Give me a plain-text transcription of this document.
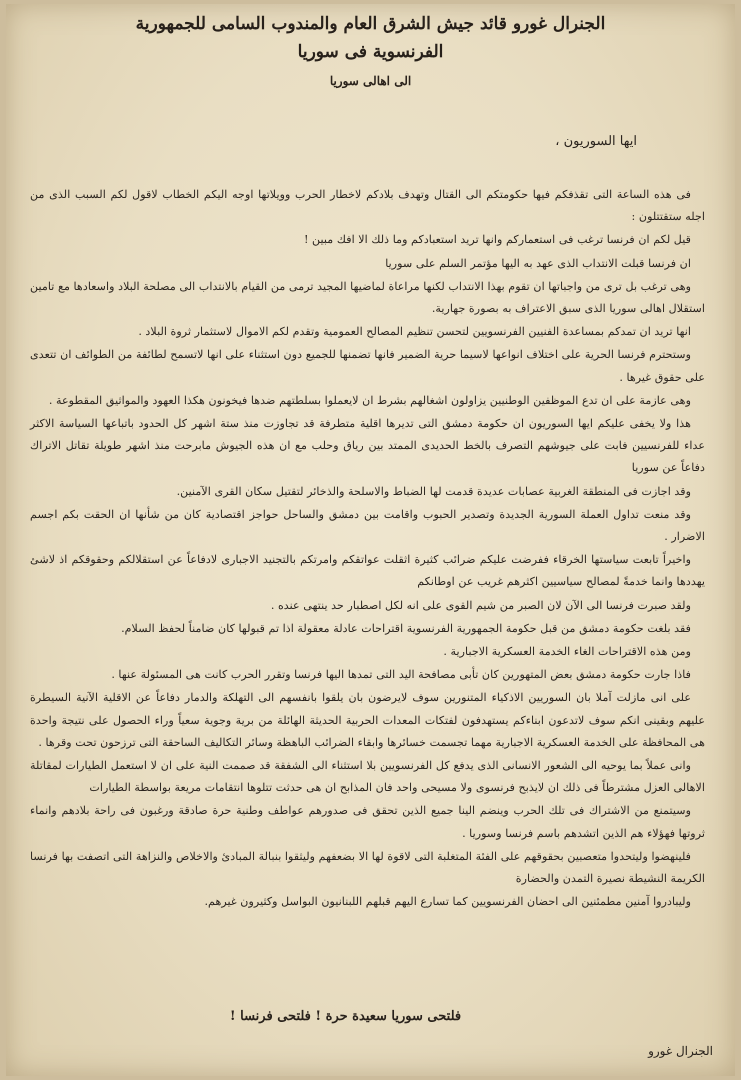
الجنرال غورو قائد جيش الشرق العام والمندوب السامى للجمهورية
الفرنسوية فى سوريا
الى اهالى سوريا
ايها السوريون ،

فى هذه الساعة التى تقذفكم فيها حكومتكم الى القتال وتهدف بلادكم لاخطار الحرب وويلاتها اوجه اليكم الخطاب لاقول لكم السبب الذى من اجله ستقتتلون :

قيل لكم ان فرنسا ترغب فى استعماركم وانها تريد استعبادكم وما ذلك الا افك مبين !

ان فرنسا قبلت الانتداب الذى عهد به اليها مؤتمر السلم على سوريا

وهى ترغب بل ترى من واجباتها ان تقوم بهذا الانتداب لكنها مراعاة لماضيها المجيد ترمى من القيام بالانتداب الى مصلحة البلاد واسعادها مع تامين استقلال اهالى سوريا الذى سبق الاعتراف به بصورة جهارية.

انها تريد ان تمدكم بمساعدة الفنيين الفرنسويين لتحسن تنظيم المصالح العمومية وتقدم لكم الاموال لاستثمار ثروة البلاد .

وستحترم فرنسا الحرية على اختلاف انواعها لاسيما حرية الضمير فانها تضمنها للجميع دون استثناء على انها لاتسمح لطائفة من الطوائف ان تتعدى على حقوق غيرها .

وهى عازمة على ان تدع الموظفين الوطنيين يزاولون اشغالهم بشرط ان لايعملوا بسلطتهم ضدها فيخونون هكذا العهود والمواثيق المقطوعة .

هذا ولا يخفى عليكم ايها السوريون ان حكومة دمشق التى تديرها اقلية متطرفة قد تجاوزت منذ ستة اشهر كل الحدود باتباعها السياسة الاكثر عداء للفرنسيين فابت على جيوشهم التصرف بالخط الحديدى الممتد بين رياق وحلب مع ان هذه الجيوش مابرحت منذ اشهر طويلة تقاتل الاتراك دفاعاً عن سوريا

وقد اجازت فى المنطقة الغربية عصابات عديدة قدمت لها الضباط والاسلحة والذخائر لتقتيل سكان القرى الآمنين.

وقد منعت تداول العملة السورية الجديدة وتصدير الحبوب واقامت بين دمشق والساحل حواجز اقتصادية كان من شأنها ان الحقت بكم اجسم الاضرار .

واخيراً تابعت سياستها الخرقاء ففرضت عليكم ضرائب كثيرة اثقلت عواتقكم وامرتكم بالتجنيد الاجبارى لادفاعاً عن استقلالكم وحقوقكم اذ لاشئ يهددها وانما خدمةً لمصالح سياسيين اكثرهم غريب عن اوطانكم

ولقد صبرت فرنسا الى الآن لان الصبر من شيم القوى على انه لكل اصطبار حد ينتهى عنده .

فقد بلغت حكومة دمشق من قبل حكومة الجمهورية الفرنسوية اقتراحات عادلة معقولة اذا تم قبولها كان ضامناً لحفظ السلام.

ومن هذه الاقتراحات الغاء الخدمة العسكرية الاجبارية .

فاذا جارت حكومة دمشق بعض المتهورين كان تأبى مصافحة اليد التى تمدها اليها فرنسا وتقرر الحرب كانت هى المسئولة عنها .

على انى مازلت آملا بان السوريين الاذكياء المتنورين سوف لايرضون بان يلقوا بانفسهم الى التهلكة والدمار دفاعاً عن الاقلية الآنية السيطرة عليهم وبقينى انكم سوف لاتدعون ابناءكم يستهدفون لفتكات المعدات الحربية الحديثة الهائلة من برية وجوية سعياً وراء الحصول على نتيجة واحدة هى المحافظة على الخدمة العسكرية الاجبارية مهما تجسمت خسائرها وابقاء الضرائب الباهظة وسائر التكاليف الساحقة التى ترزحون تحت وقرها .

وانى عملاً بما يوحيه الى الشعور الانسانى الذى يدفع كل الفرنسويين بلا استثناء الى الشفقة قد صممت النية على ان لا استعمل الطيارات لمقاتلة الاهالى العزل مشترطاً فى ذلك ان لايذبح فرنسوى ولا مسيحى واحد فان المذابح ان هى حدثت تتلوها انتقامات مريعة بواسطة الطيارات

وسيتمنع من الاشتراك فى تلك الحرب وينضم الينا جميع الذين تحقق فى صدورهم عواطف وطنية حرة صادقة ورغبون فى راحة بلادهم وانماء ثروتها فهؤلاء هم الذين اتشدهم باسم فرنسا وسوريا .

فلينهضوا وليتحدوا متعصبين بحقوقهم على الفئة المتغلبة التى لاقوة لها الا بضعفهم وليثقوا بنبالة المبادئ والاخلاص والنزاهة التى اتصفت بها فرنسا الكريمة النشيطة نصيرة التمدن والحضارة

وليبادروا آمنين مطمئنين الى احضان الفرنسويين كما تسارع اليهم قبلهم اللبنانيون البواسل وكثيرون غيرهم.

فلتحى سوريا سعيدة حرة ! فلتحى فرنسا !
الجنرال غورو
